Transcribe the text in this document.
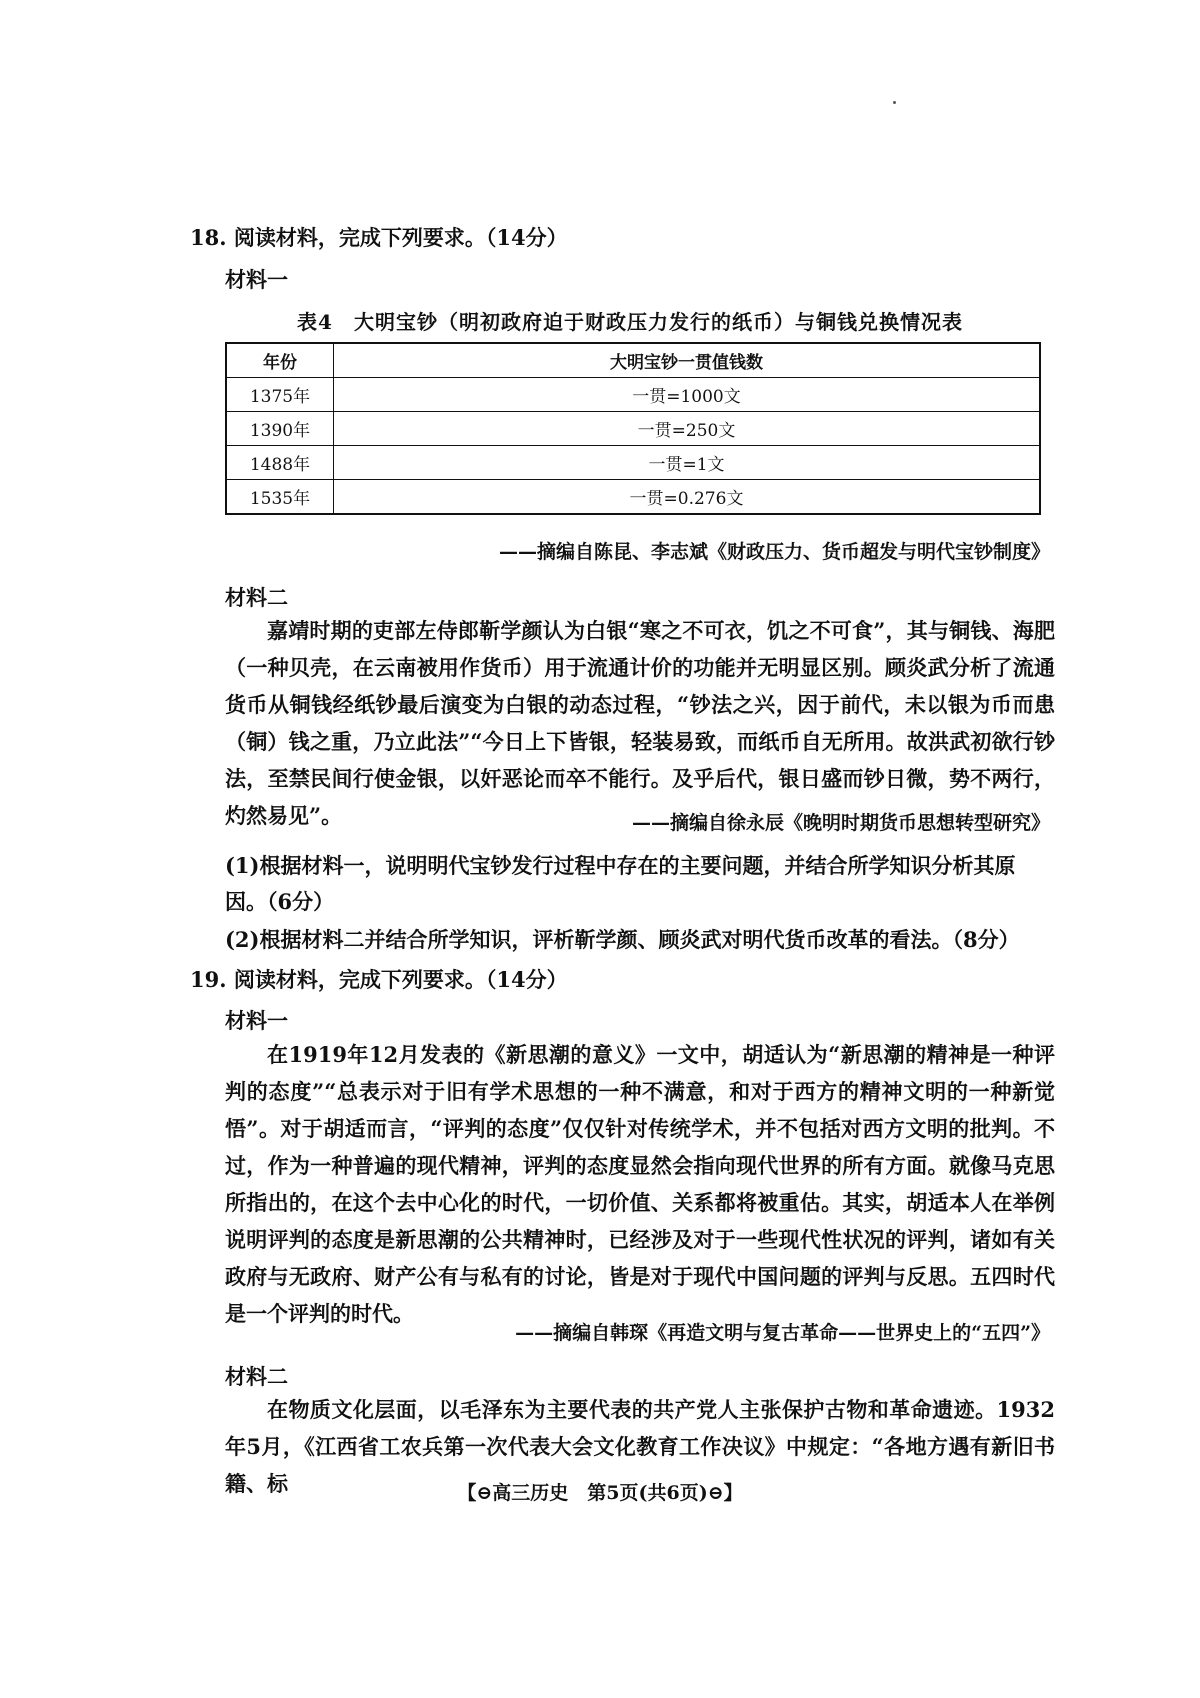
18. 阅读材料，完成下列要求。（14分）
材料一
表4　大明宝钞（明初政府迫于财政压力发行的纸币）与铜钱兑换情况表
年份	大明宝钞一贯值钱数
1375年	一贯=1000文
1390年	一贯=250文
1488年	一贯=1文
1535年	一贯=0.276文
——摘编自陈昆、李志斌《财政压力、货币超发与明代宝钞制度》
材料二

嘉靖时期的吏部左侍郎靳学颜认为白银“寒之不可衣，饥之不可食”，其与铜钱、海肥（一种贝壳，在云南被用作货币）用于流通计价的功能并无明显区别。顾炎武分析了流通货币从铜钱经纸钞最后演变为白银的动态过程，“钞法之兴，因于前代，未以银为币而患（铜）钱之重，乃立此法”“今日上下皆银，轻装易致，而纸币自无所用。故洪武初欲行钞法，至禁民间行使金银，以奸恶论而卒不能行。及乎后代，银日盛而钞日微，势不两行，灼然易见”。	——摘编自徐永辰《晚明时期货币思想转型研究》

(1)根据材料一，说明明代宝钞发行过程中存在的主要问题，并结合所学知识分析其原因。（6分）

(2)根据材料二并结合所学知识，评析靳学颜、顾炎武对明代货币改革的看法。（8分）

19. 阅读材料，完成下列要求。（14分）
材料一

在1919年12月发表的《新思潮的意义》一文中，胡适认为“新思潮的精神是一种评判的态度”“总表示对于旧有学术思想的一种不满意，和对于西方的精神文明的一种新觉悟”。对于胡适而言，“评判的态度”仅仅针对传统学术，并不包括对西方文明的批判。不过，作为一种普遍的现代精神，评判的态度显然会指向现代世界的所有方面。就像马克思所指出的，在这个去中心化的时代，一切价值、关系都将被重估。其实，胡适本人在举例说明评判的态度是新思潮的公共精神时，已经涉及对于一些现代性状况的评判，诸如有关政府与无政府、财产公有与私有的讨论，皆是对于现代中国问题的评判与反思。五四时代是一个评判的时代。

——摘编自韩琛《再造文明与复古革命——世界史上的“五四”》
材料二

在物质文化层面，以毛泽东为主要代表的共产党人主张保护古物和革命遗迹。1932年5月，《江西省工农兵第一次代表大会文化教育工作决议》中规定：“各地方遇有新旧书籍、标	【⊖高三历史　第5页(共6页)⊖】
